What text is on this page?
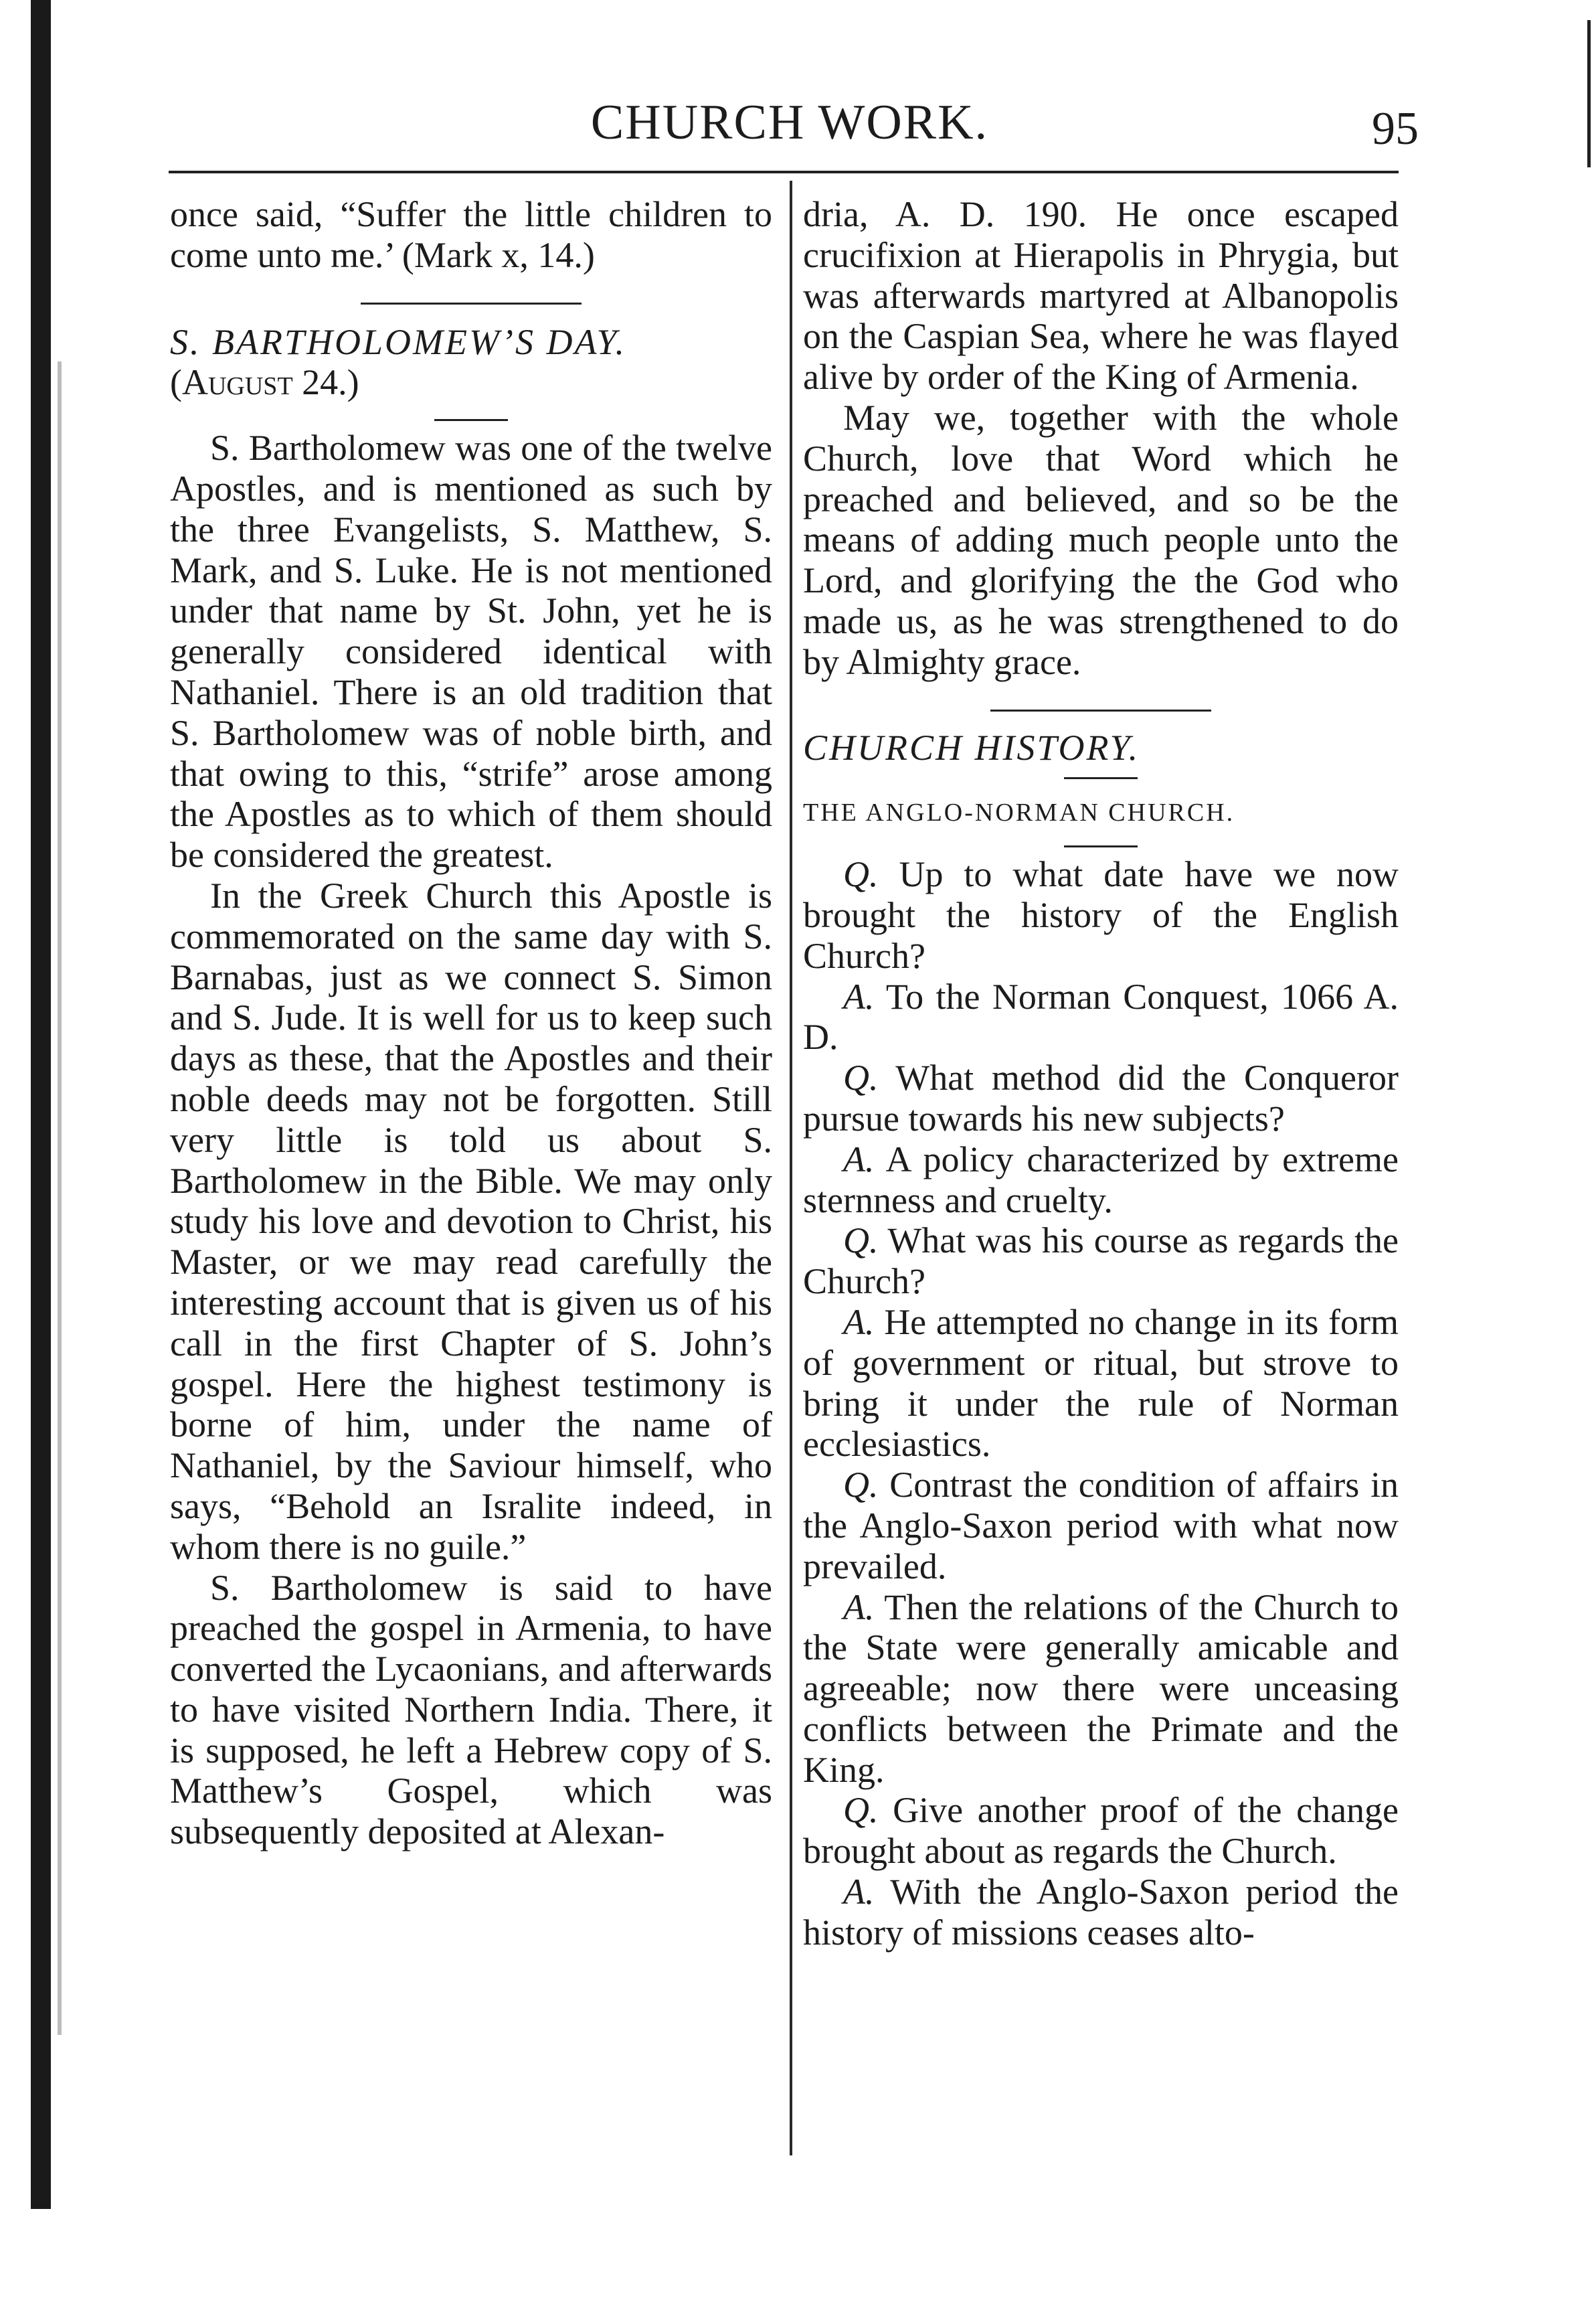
CHURCH WORK.	95

once said, “Suffer the little children to come unto me.’ (Mark x, 14.)

S. BARTHOLOMEW’S DAY.

(August 24.)

S. Bartholomew was one of the twelve Apostles, and is mentioned as such by the three Evangelists, S. Matthew, S. Mark, and S. Luke. He is not mentioned under that name by St. John, yet he is generally considered identical with Nathaniel. There is an old tradition that S. Bartholomew was of noble birth, and that owing to this, “strife” arose among the Apostles as to which of them should be considered the greatest.

In the Greek Church this Apostle is commemorated on the same day with S. Barnabas, just as we connect S. Simon and S. Jude. It is well for us to keep such days as these, that the Apostles and their noble deeds may not be forgotten. Still very little is told us about S. Bartholomew in the Bible. We may only study his love and devotion to Christ, his Master, or we may read carefully the interesting account that is given us of his call in the first Chapter of S. John’s gospel. Here the highest testimony is borne of him, under the name of Nathaniel, by the Saviour himself, who says, “Behold an Isralite indeed, in whom there is no guile.”

S. Bartholomew is said to have preached the gospel in Armenia, to have converted the Lycaonians, and afterwards to have visited Northern India. There, it is supposed, he left a Hebrew copy of S. Matthew’s Gospel, which was subsequently deposited at Alexan-

dria, A. D. 190. He once escaped crucifixion at Hierapolis in Phrygia, but was afterwards martyred at Albanopolis on the Caspian Sea, where he was flayed alive by order of the King of Armenia.

May we, together with the whole Church, love that Word which he preached and believed, and so be the means of adding much people unto the Lord, and glorifying the the God who made us, as he was strengthened to do by Almighty grace.

CHURCH HISTORY.

THE ANGLO-NORMAN CHURCH.

Q. Up to what date have we now brought the history of the English Church?

A. To the Norman Conquest, 1066 A. D.

Q. What method did the Conqueror pursue towards his new subjects?

A. A policy characterized by extreme sternness and cruelty.

Q. What was his course as regards the Church?

A. He attempted no change in its form of government or ritual, but strove to bring it under the rule of Norman ecclesiastics.

Q. Contrast the condition of affairs in the Anglo-Saxon period with what now prevailed.

A. Then the relations of the Church to the State were generally amicable and agreeable; now there were unceasing conflicts between the Primate and the King.

Q. Give another proof of the change brought about as regards the Church.

A. With the Anglo-Saxon period the history of missions ceases alto-
